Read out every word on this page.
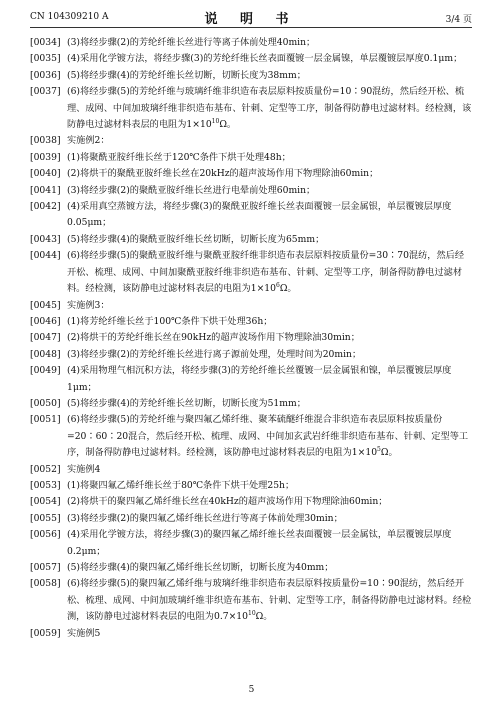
CN 104309210 A	说 明 书	3/4 页
[0034] (3)将经步骤(2)的芳纶纤维长丝进行等离子体前处理40min；
[0035] (4)采用化学镀方法，将经步骤(3)的芳纶纤维长丝表面覆镀一层金属镍，单层覆镀层厚度0.1μm；
[0036] (5)将经步骤(4)的芳纶纤维长丝切断，切断长度为38mm；
[0037] (6)将经步骤(5)的芳纶纤维与玻璃纤维非织造布表层原料按质量份=10∶90混纺，然后经开松、梳理、成网、中间加玻璃纤维非织造布基布、针刺、定型等工序，制备得防静电过滤材料。经检测，该防静电过滤材料表层的电阻为$1\times 10^{10}\Omega$。
[0038] 实施例2：
[0039] (1)将聚酰亚胺纤维长丝于120℃条件下烘干处理48h；
[0040] (2)将烘干的聚酰亚胺纤维长丝在20kHz的超声波场作用下物理除油60min；
[0041] (3)将经步骤(2)的聚酰亚胺纤维长丝进行电晕前处理60min；
[0042] (4)采用真空蒸镀方法，将经步骤(3)的聚酰亚胺纤维长丝表面覆镀一层金属银，单层覆镀层厚度0.05μm；
[0043] (5)将经步骤(4)的聚酰亚胺纤维长丝切断，切断长度为65mm；
[0044] (6)将经步骤(5)的聚酰亚胺纤维与聚酰亚胺纤维非织造布表层原料按质量份=30∶70混纺，然后经开松、梳理、成网、中间加聚酰亚胺纤维非织造布基布、针刺、定型等工序，制备得防静电过滤材料。经检测，该防静电过滤材料表层的电阻为$1\times 10^6\Omega$。
[0045] 实施例3：
[0046] (1)将芳纶纤维长丝于100℃条件下烘干处理36h；
[0047] (2)将烘干的芳纶纤维长丝在90kHz的超声波场作用下物理除油30min；
[0048] (3)将经步骤(2)的芳纶纤维长丝进行离子源前处理，处理时间为20min；
[0049] (4)采用物理气相沉积方法，将经步骤(3)的芳纶纤维长丝覆镀一层金属银和镍，单层覆镀层厚度1μm；
[0050] (5)将经步骤(4)的芳纶纤维长丝切断，切断长度为51mm；
[0051] (6)将经步骤(5)的芳纶纤维与聚四氟乙烯纤维、聚苯硫醚纤维混合非织造布表层原料按质量份=20∶60∶20混合，然后经开松、梳理、成网、中间加玄武岩纤维非织造布基布、针刺、定型等工序，制备得防静电过滤材料。经检测，该防静电过滤材料表层的电阻为$1\times 10^5\Omega$。
[0052] 实施例4
[0053] (1)将聚四氟乙烯纤维长丝于80℃条件下烘干处理25h；
[0054] (2)将烘干的聚四氟乙烯纤维长丝在40kHz的超声波场作用下物理除油60min；
[0055] (3)将经步骤(2)的聚四氟乙烯纤维长丝进行等离子体前处理30min；
[0056] (4)采用化学镀方法，将经步骤(3)的聚四氟乙烯纤维长丝表面覆镀一层金属钛，单层覆镀层厚度0.2μm；
[0057] (5)将经步骤(4)的聚四氟乙烯纤维长丝切断，切断长度为40mm；
[0058] (6)将经步骤(5)的聚四氟乙烯纤维与玻璃纤维非织造布表层原料按质量份=10∶90混纺，然后经开松、梳理、成网、中间加玻璃纤维非织造布基布、针刺、定型等工序，制备得防静电过滤材料。经检测，该防静电过滤材料表层的电阻为$0.7\times 10^{10}\Omega$。
[0059] 实施例5
5
